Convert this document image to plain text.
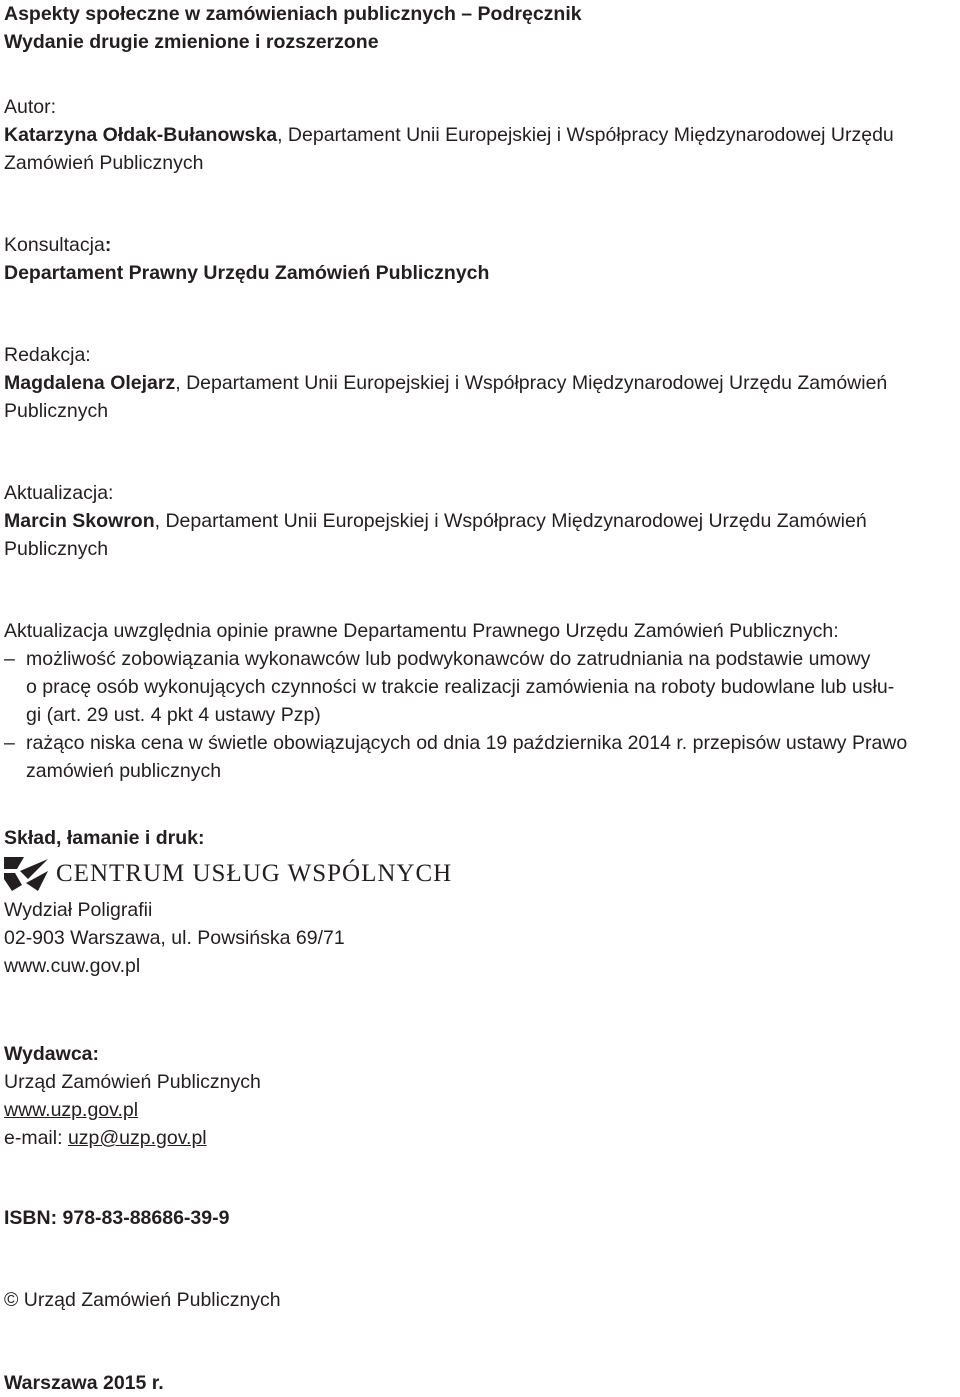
Aspekty społeczne w zamówieniach publicznych – Podręcznik
Wydanie drugie zmienione i rozszerzone
Autor:
Katarzyna Ołdak-Bułanowska, Departament Unii Europejskiej i Współpracy Międzynarodowej Urzędu
Zamówień Publicznych
Konsultacja:
Departament Prawny Urzędu Zamówień Publicznych
Redakcja:
Magdalena Olejarz, Departament Unii Europejskiej i Współpracy Międzynarodowej Urzędu Zamówień
Publicznych
Aktualizacja:
Marcin Skowron, Departament Unii Europejskiej i Współpracy Międzynarodowej Urzędu Zamówień
Publicznych
Aktualizacja uwzględnia opinie prawne Departamentu Prawnego Urzędu Zamówień Publicznych:
– możliwość zobowiązania wykonawców lub podwykonawców do zatrudniania na podstawie umowy
o pracę osób wykonujących czynności w trakcie realizacji zamówienia na roboty budowlane lub usłu-
gi (art. 29 ust. 4 pkt 4 ustawy Pzp)
– rażąco niska cena w świetle obowiązujących od dnia 19 października 2014 r. przepisów ustawy Prawo
zamówień publicznych
Skład, łamanie i druk:
CENTRUM USŁUG WSPÓLNYCH
Wydział Poligrafii
02-903 Warszawa, ul. Powsińska 69/71
www.cuw.gov.pl
Wydawca:
Urząd Zamówień Publicznych
www.uzp.gov.pl
e-mail: uzp@uzp.gov.pl
ISBN: 978-83-88686-39-9
© Urząd Zamówień Publicznych
Warszawa 2015 r.
